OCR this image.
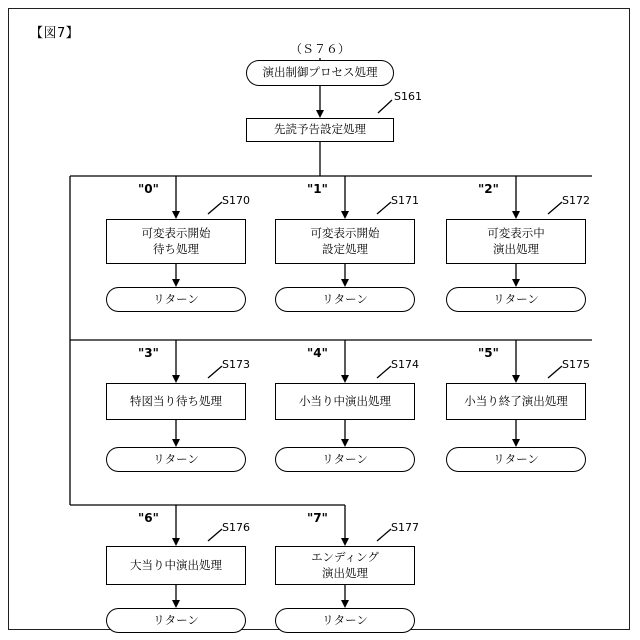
【図7】
（Ｓ７６）
演出制御プロセス処理
先読予告設定処理
S161
"0"
S170
可変表示開始
待ち処理
リターン
"1"
S171
可変表示開始
設定処理
リターン
"2"
S172
可変表示中
演出処理
リターン
"3"
S173
特図当り待ち処理
リターン
"4"
S174
小当り中演出処理
リターン
"5"
S175
小当り終了演出処理
リターン
"6"
S176
大当り中演出処理
リターン
"7"
S177
エンディング
演出処理
リターン
